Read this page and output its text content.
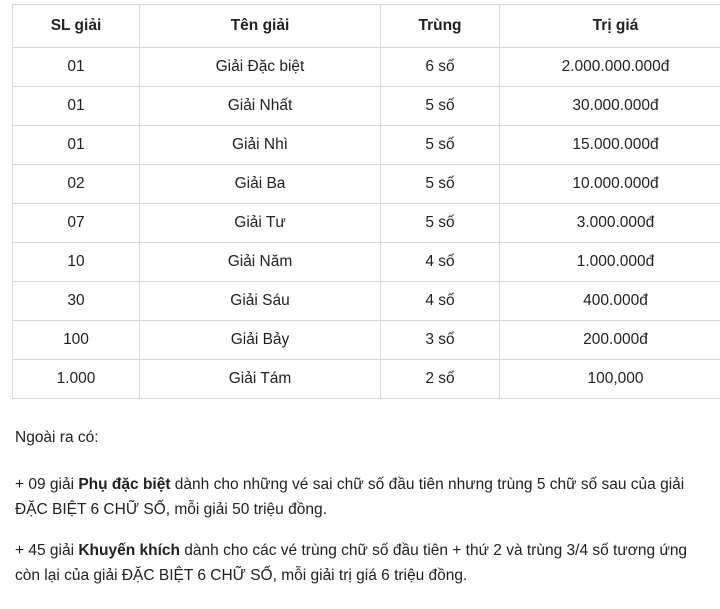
SL giải	Tên giải	Trùng	Trị giá
01	Giải Đặc biệt	6 số	2.000.000.000đ
01	Giải Nhất	5 số	30.000.000đ
01	Giải Nhì	5 số	15.000.000đ
02	Giải Ba	5 số	10.000.000đ
07	Giải Tư	5 số	3.000.000đ
10	Giải Năm	4 số	1.000.000đ
30	Giải Sáu	4 số	400.000đ
100	Giải Bảy	3 số	200.000đ
1.000	Giải Tám	2 số	100,000

Ngoài ra có:

+ 09 giải Phụ đặc biệt dành cho những vé sai chữ số đầu tiên nhưng trùng 5 chữ số sau của giải ĐẶC BIỆT 6 CHỮ SỐ, mỗi giải 50 triệu đồng.

+ 45 giải Khuyến khích dành cho các vé trùng chữ số đầu tiên + thứ 2 và trùng 3/4 số tương ứng còn lại của giải ĐẶC BIỆT 6 CHỮ SỐ, mỗi giải trị giá 6 triệu đồng.
